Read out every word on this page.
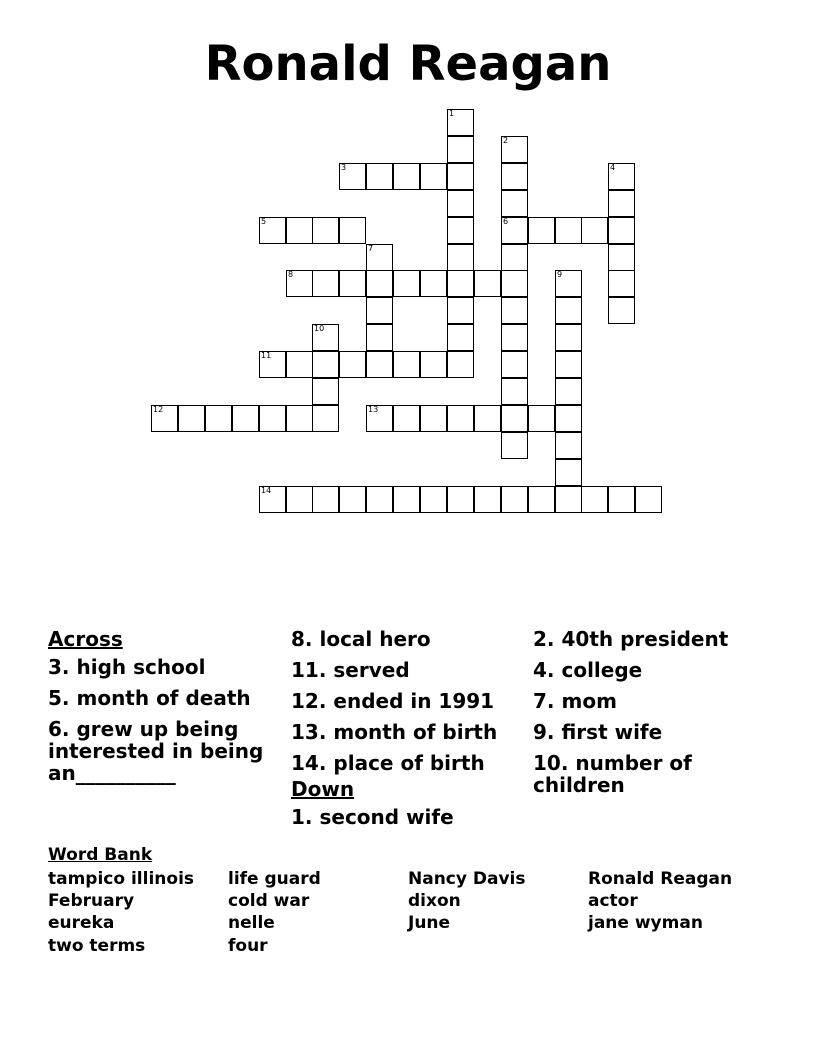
Ronald Reagan
1
2
6
3	4
5
7
8	9
10
11
12	13
14
Across
3. high school
5. month of death
6. grew up being interested in being an__________
8. local hero
11. served
12. ended in 1991
13. month of birth
14. place of birth
Down
1. second wife
2. 40th president
4. college
7. mom
9. first wife
10. number of children
Word Bank
tampico illinois
February
eureka
two terms
life guard
cold war
nelle
four
Nancy Davis
dixon
June
Ronald Reagan
actor
jane wyman
